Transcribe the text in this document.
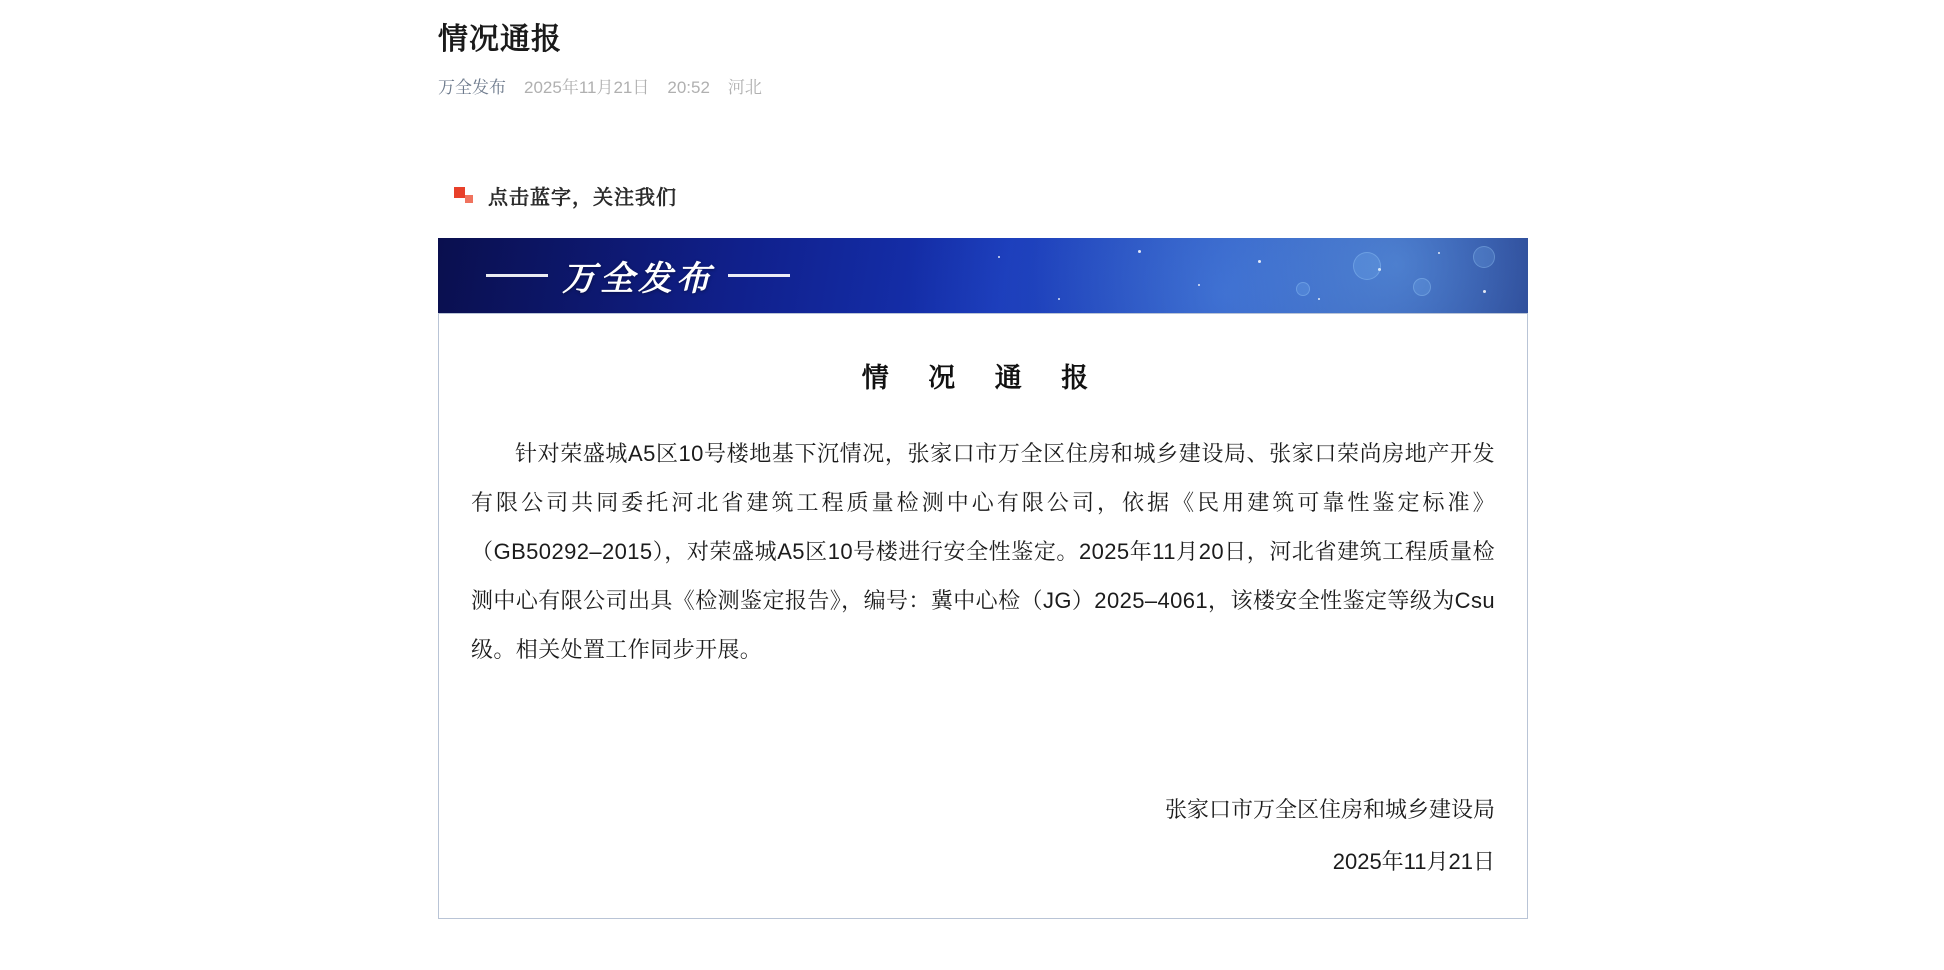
情况通报
万全发布 2025年11月21日 20:52 河北
点击蓝字，关注我们
万全发布
情 况 通 报

针对荣盛城A5区10号楼地基下沉情况，张家口市万全区住房和城乡建设局、张家口荣尚房地产开发有限公司共同委托河北省建筑工程质量检测中心有限公司，依据《民用建筑可靠性鉴定标准》（GB50292–2015），对荣盛城A5区10号楼进行安全性鉴定。2025年11月20日，河北省建筑工程质量检测中心有限公司出具《检测鉴定报告》，编号：冀中心检（JG）2025–4061，该楼安全性鉴定等级为Csu级。相关处置工作同步开展。

张家口市万全区住房和城乡建设局
2025年11月21日
